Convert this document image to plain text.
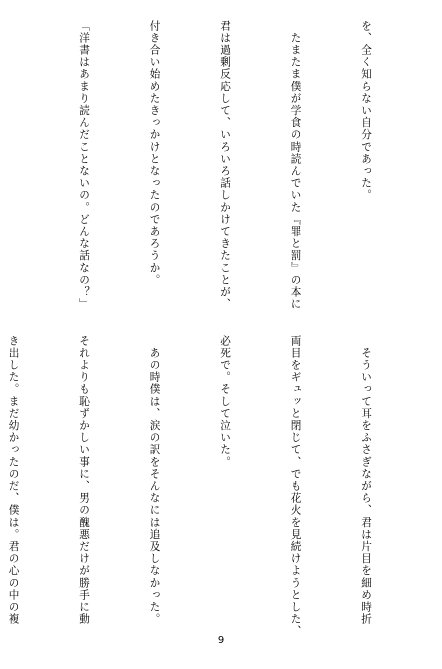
を、全く知らない自分であった。

　たまたま僕が学食の時読んでいた『罪と罰』の本に

君は過剰反応して、いろいろ話しかけてきたことが、

付き合い始めたきっかけとなったのであろうか。

「洋書はあまり読んだことないの。どんな話なの？」

　そういって耳をふさぎながら、君は片目を細め時折

両目をギュッと閉じて、でも花火を見続けようとした、

必死で。そして泣いた。

　あの時僕は、涙の訳をそんなには追及しなかった。

それよりも恥ずかしい事に、男の醜悪だけが勝手に動

き出した。まだ幼かったのだ、僕は。君の心の中の複

9
